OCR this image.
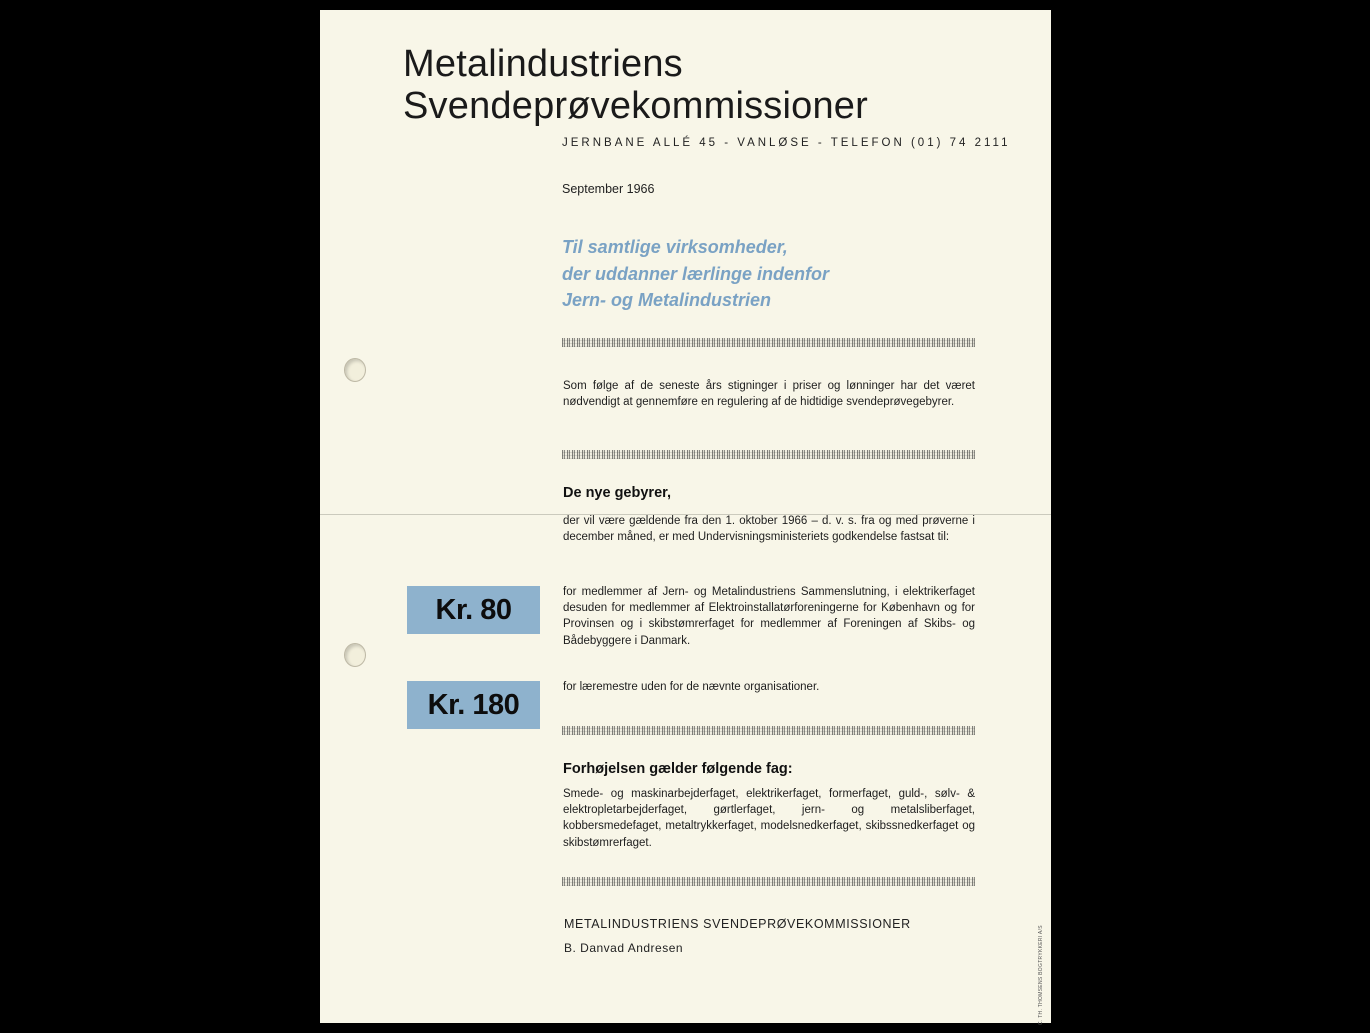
Metalindustriens
Svendeprøvekommissioner
JERNBANE ALLÉ 45 - VANLØSE - TELEFON (01) 74 2111
September 1966
Til samtlige virksomheder,
der uddanner lærlinge indenfor
Jern- og Metalindustrien

Som følge af de seneste års stigninger i priser og lønninger har det været nødvendigt at gennemføre en regulering af de hidtidige svendeprøvegebyrer.

De nye gebyrer,

der vil være gældende fra den 1. oktober 1966 – d. v. s. fra og med prøverne i december måned, er med Undervisningsministeriets godkendelse fastsat til:

Kr. 80

for medlemmer af Jern- og Metalindustriens Sammenslutning, i elektrikerfaget desuden for medlemmer af Elektroinstallatørforeningerne for København og for Provinsen og i skibstømrerfaget for medlemmer af Foreningen af Skibs- og Bådebyggere i Danmark.

Kr. 180

for læremestre uden for de nævnte organisationer.

Forhøjelsen gælder følgende fag:

Smede- og maskinarbejderfaget, elektrikerfaget, formerfaget, guld-, sølv- & elektropletarbejderfaget, gørtlerfaget, jern- og metalsliberfaget, kobbersmedefaget, metaltrykkerfaget, modelsnedkerfaget, skibssnedkerfaget og skibstømrerfaget.

METALINDUSTRIENS SVENDEPRØVEKOMMISSIONER
B. Danvad Andresen	C. TH. THOMSENS BOGTRYKKERI A/S
